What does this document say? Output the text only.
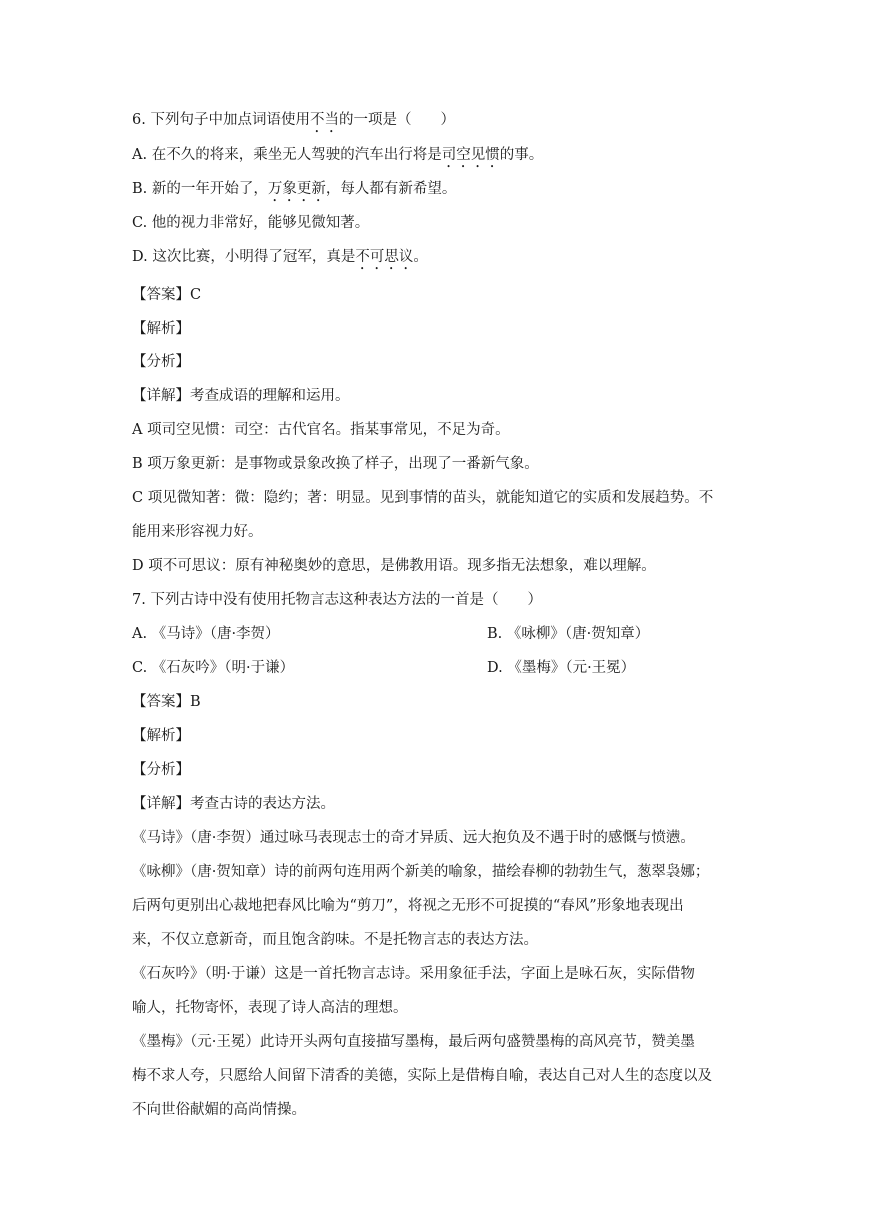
6. 下列句子中加点词语使用不当的一项是（　　）
A. 在不久的将来，乘坐无人驾驶的汽车出行将是司空见惯的事。
B. 新的一年开始了，万象更新，每人都有新希望。
C. 他的视力非常好，能够见微知著。
D. 这次比赛，小明得了冠军，真是不可思议。
【答案】C
【解析】
【分析】
【详解】考查成语的理解和运用。
A 项司空见惯：司空：古代官名。指某事常见，不足为奇。
B 项万象更新：是事物或景象改换了样子，出现了一番新气象。
C 项见微知著：微：隐约；著：明显。见到事情的苗头，就能知道它的实质和发展趋势。不
能用来形容视力好。
D 项不可思议：原有神秘奥妙的意思，是佛教用语。现多指无法想象，难以理解。
7. 下列古诗中没有使用托物言志这种表达方法的一首是（　　）
A. 《马诗》（唐·李贺）	B. 《咏柳》（唐·贺知章）
C. 《石灰吟》（明·于谦）	D. 《墨梅》（元·王冕）
【答案】B
【解析】
【分析】
【详解】考查古诗的表达方法。
《马诗》（唐·李贺）通过咏马表现志士的奇才异质、远大抱负及不遇于时的感慨与愤懑。
《咏柳》（唐·贺知章）诗的前两句连用两个新美的喻象，描绘春柳的勃勃生气，葱翠袅娜；
后两句更别出心裁地把春风比喻为“剪刀”，将视之无形不可捉摸的“春风”形象地表现出
来，不仅立意新奇，而且饱含韵味。不是托物言志的表达方法。
《石灰吟》（明·于谦）这是一首托物言志诗。采用象征手法，字面上是咏石灰，实际借物
喻人，托物寄怀，表现了诗人高洁的理想。
《墨梅》（元·王冕）此诗开头两句直接描写墨梅，最后两句盛赞墨梅的高风亮节，赞美墨
梅不求人夸，只愿给人间留下清香的美德，实际上是借梅自喻，表达自己对人生的态度以及
不向世俗献媚的高尚情操。
